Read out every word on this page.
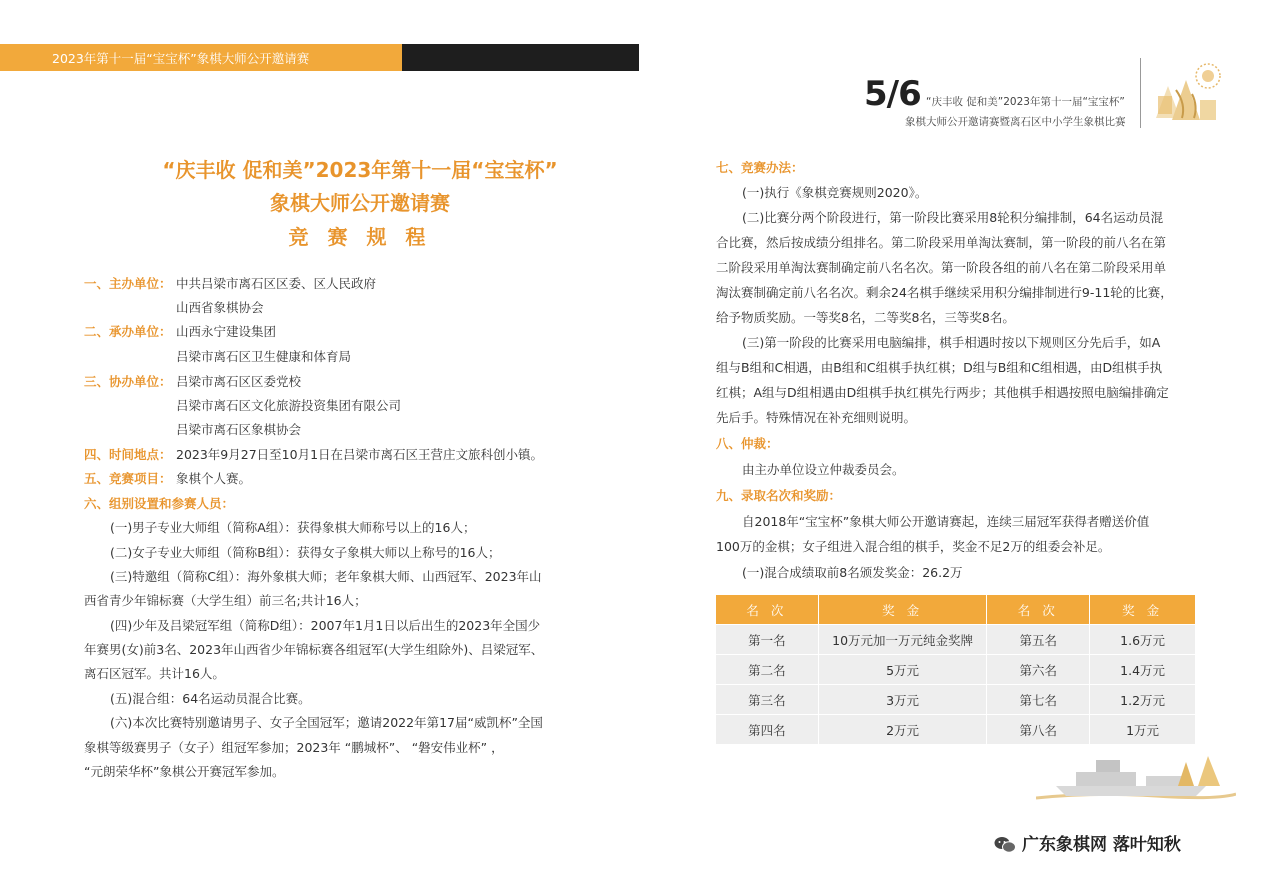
2023年第十一届“宝宝杯”象棋大师公开邀请赛
5/6 “庆丰收 促和美”2023年第十一届“宝宝杯”
象棋大师公开邀请赛暨离石区中小学生象棋比赛
“庆丰收 促和美”2023年第十一届“宝宝杯”
象棋大师公开邀请赛
竞 赛 规 程
一、主办单位： 中共吕梁市离石区区委、区人民政府
山西省象棋协会
二、承办单位： 山西永宁建设集团
吕梁市离石区卫生健康和体育局
三、协办单位： 吕梁市离石区区委党校
吕梁市离石区文化旅游投资集团有限公司
吕梁市离石区象棋协会
四、时间地点： 2023年9月27日至10月1日在吕梁市离石区王营庄文旅科创小镇。
五、竞赛项目： 象棋个人赛。
六、组别设置和参赛人员：
(一)男子专业大师组（简称A组）：获得象棋大师称号以上的16人；
(二)女子专业大师组（简称B组）：获得女子象棋大师以上称号的16人；
(三)特邀组（简称C组）：海外象棋大师；老年象棋大师、山西冠军、2023年山
西省青少年锦标赛（大学生组）前三名;共计16人；
(四)少年及吕梁冠军组（简称D组）：2007年1月1日以后出生的2023年全国少
年赛男(女)前3名、2023年山西省少年锦标赛各组冠军(大学生组除外)、吕梁冠军、
离石区冠军。共计16人。
(五)混合组：64名运动员混合比赛。
(六)本次比赛特别邀请男子、女子全国冠军；邀请2022年第17届“威凯杯”全国
象棋等级赛男子（女子）组冠军参加；2023年 “鹏城杯”、 “磐安伟业杯” ，
“元朗荣华杯”象棋公开赛冠军参加。
七、竞赛办法：
(一)执行《象棋竞赛规则2020》。
(二)比赛分两个阶段进行，第一阶段比赛采用8轮积分编排制，64名运动员混
合比赛，然后按成绩分组排名。第二阶段采用单淘汰赛制，第一阶段的前八名在第
二阶段采用单淘汰赛制确定前八名名次。第一阶段各组的前八名在第二阶段采用单
淘汰赛制确定前八名名次。剩余24名棋手继续采用积分编排制进行9-11轮的比赛，
给予物质奖励。一等奖8名，二等奖8名，三等奖8名。
(三)第一阶段的比赛采用电脑编排，棋手相遇时按以下规则区分先后手，如A
组与B组和C相遇，由B组和C组棋手执红棋；D组与B组和C组相遇，由D组棋手执
红棋；A组与D组相遇由D组棋手执红棋先行两步；其他棋手相遇按照电脑编排确定
先后手。特殊情况在补充细则说明。
八、仲裁：
由主办单位设立仲裁委员会。
九、录取名次和奖励：
自2018年“宝宝杯”象棋大师公开邀请赛起，连续三届冠军获得者赠送价值
100万的金棋；女子组进入混合组的棋手，奖金不足2万的组委会补足。
(一)混合成绩取前8名颁发奖金：26.2万
名 次	奖 金	名 次	奖 金
第一名	10万元加一万元纯金奖牌	第五名	1.6万元
第二名	5万元	第六名	1.4万元
第三名	3万元	第七名	1.2万元
第四名	2万元	第八名	1万元
广东象棋网 落叶知秋
